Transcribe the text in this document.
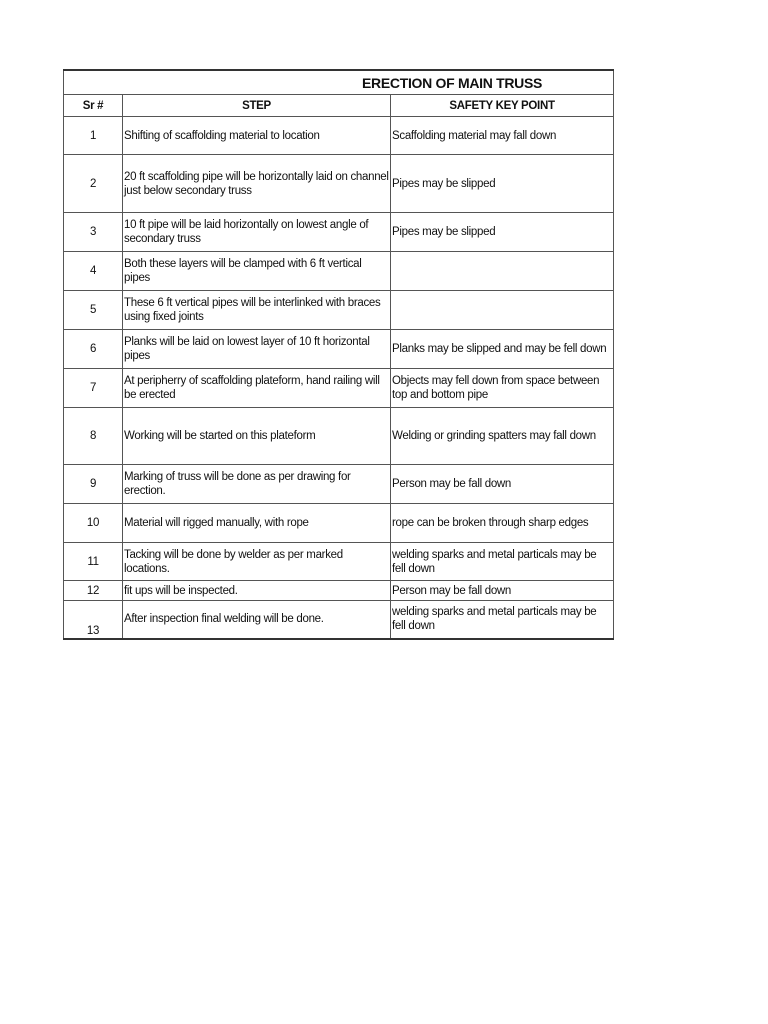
ERECTION OF MAIN TRUSS		
Sr #	STEP	SAFETY KEY POINT
1	Shifting of scaffolding material to location	Scaffolding material may fall down
2	20 ft scaffolding pipe will be horizontally laid on channel just below secondary truss	Pipes may be slipped
3	10 ft pipe will be laid horizontally on lowest angle of secondary truss	Pipes may be slipped
4	Both these layers will be clamped with 6 ft vertical pipes	
5	These 6 ft vertical pipes will be interlinked with braces using fixed joints	
6	Planks will be laid on lowest layer of 10 ft horizontal pipes	Planks may be slipped and may be fell down
7	At peripherry of scaffolding plateform, hand railing will be erected	Objects may fell down from space between top and bottom pipe
8	Working will be started on this plateform	Welding or grinding spatters may fall down
9	Marking of truss will be done as per drawing for erection.	Person may be fall down
10	Material will rigged manually, with rope	rope can be broken through sharp edges
11	Tacking will be done by welder as per marked locations.	welding sparks and metal particals may be fell down
12	fit ups will be inspected.	Person may be fall down
13	After inspection final welding will be done.	welding sparks and metal particals may be fell down
